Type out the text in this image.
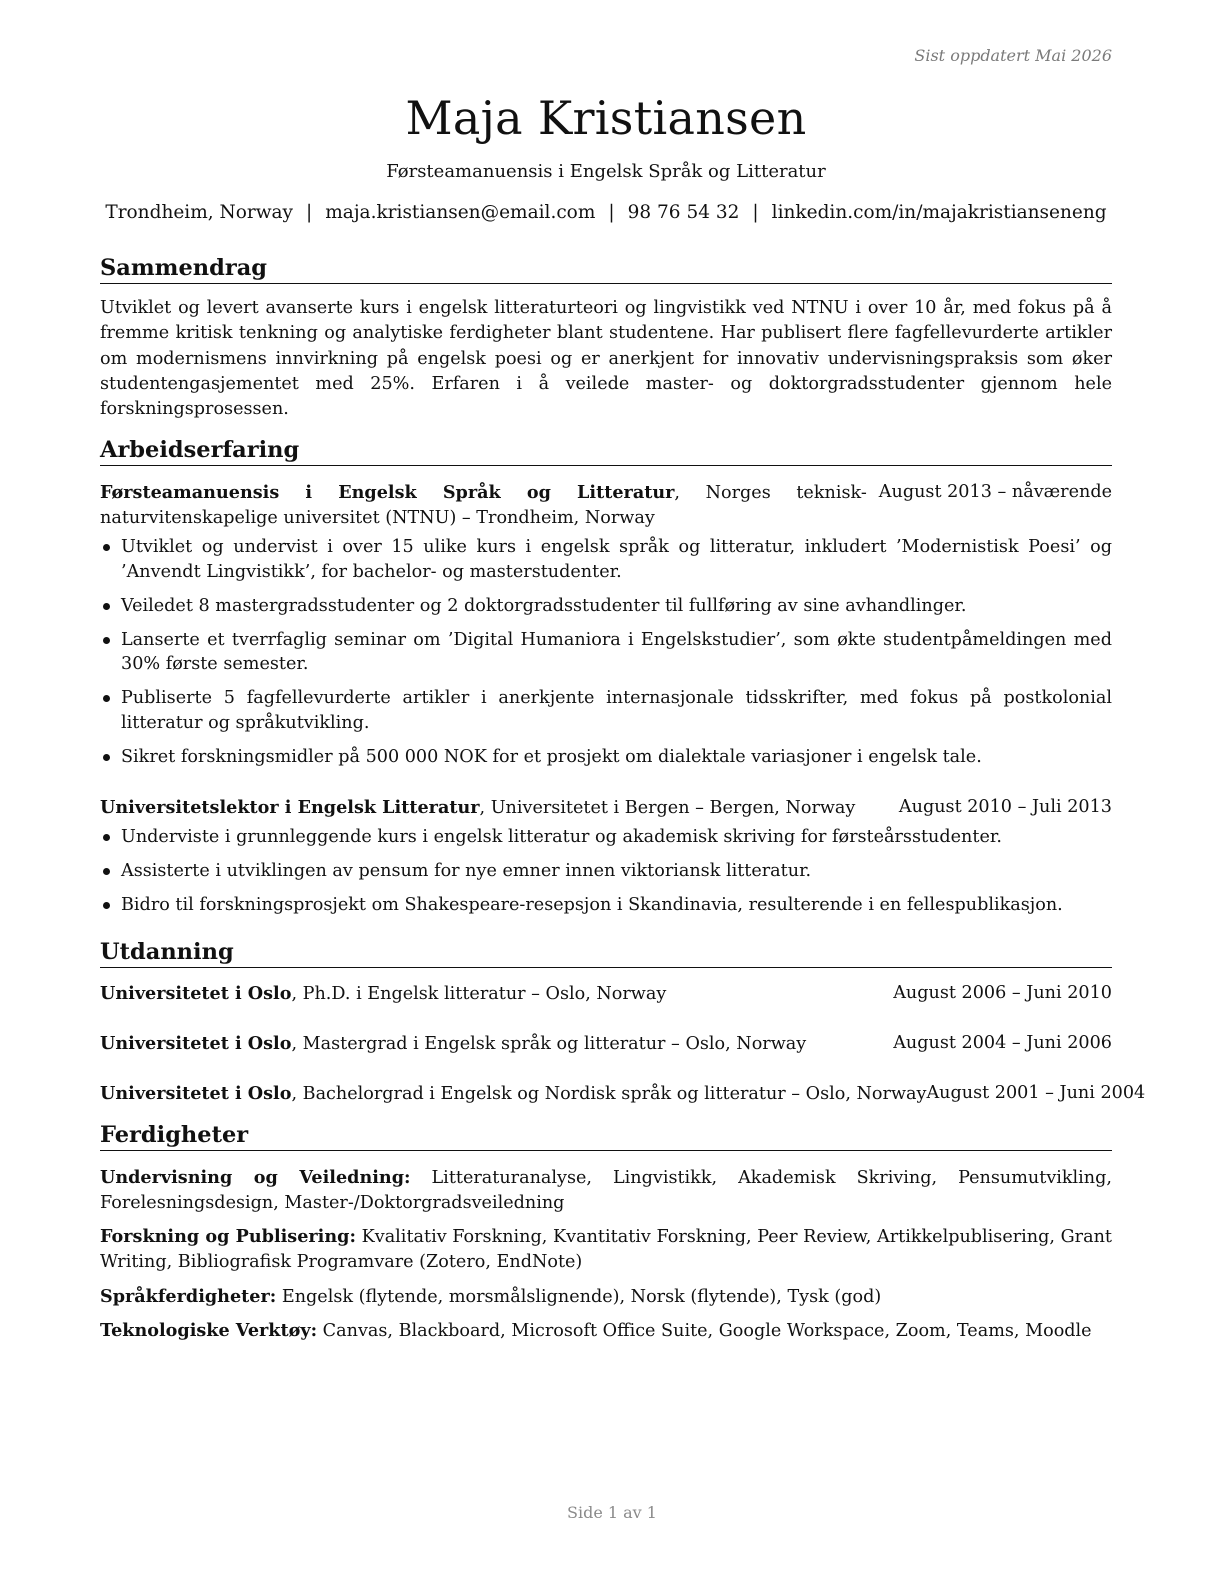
Sist oppdatert Mai 2026
Maja Kristiansen
Førsteamanuensis i Engelsk Språk og Litteratur
Trondheim, Norway | maja.kristiansen@email.com | 98 76 54 32 | linkedin.com/in/majakristianseneng
Sammendrag
Utviklet og levert avanserte kurs i engelsk litteraturteori og lingvistikk ved NTNU i over 10 år, med fokus på å fremme kritisk tenkning og analytiske ferdigheter blant studentene. Har publisert flere fagfellevurderte artikler om modernismens innvirkning på engelsk poesi og er anerkjent for innovativ undervisningspraksis som øker studentengasjementet med 25%. Erfaren i å veilede master- og doktorgradsstudenter gjennom hele forskningsprosessen.
Arbeidserfaring
Førsteamanuensis i Engelsk Språk og Litteratur, Norges teknisk-naturvitenskapelige universitet (NTNU) – Trondheim, Norway
August 2013 – nåværende
Utviklet og undervist i over 15 ulike kurs i engelsk språk og litteratur, inkludert ’Modernistisk Poesi’ og ’Anvendt Lingvistikk’, for bachelor- og masterstudenter.
Veiledet 8 mastergradsstudenter og 2 doktorgradsstudenter til fullføring av sine avhandlinger.
Lanserte et tverrfaglig seminar om ’Digital Humaniora i Engelskstudier’, som økte studentpåmeldingen med 30% første semester.
Publiserte 5 fagfellevurderte artikler i anerkjente internasjonale tidsskrifter, med fokus på postkolonial litteratur og språkutvikling.
Sikret forskningsmidler på 500 000 NOK for et prosjekt om dialektale variasjoner i engelsk tale.
Universitetslektor i Engelsk Litteratur, Universitetet i Bergen – Bergen, Norway	August 2010 – Juli 2013
Underviste i grunnleggende kurs i engelsk litteratur og akademisk skriving for førsteårsstudenter.
Assisterte i utviklingen av pensum for nye emner innen viktoriansk litteratur.
Bidro til forskningsprosjekt om Shakespeare-resepsjon i Skandinavia, resulterende i en fellespublikasjon.
Utdanning
Universitetet i Oslo, Ph.D. i Engelsk litteratur – Oslo, Norway	August 2006 – Juni 2010
Universitetet i Oslo, Mastergrad i Engelsk språk og litteratur – Oslo, Norway	August 2004 – Juni 2006
Universitetet i Oslo, Bachelorgrad i Engelsk og Nordisk språk og litteratur – Oslo, Norway August 2001 – Juni 2004
Ferdigheter
Undervisning og Veiledning: Litteraturanalyse, Lingvistikk, Akademisk Skriving, Pensumutvikling, Forelesningsdesign, Master-/Doktorgradsveiledning
Forskning og Publisering: Kvalitativ Forskning, Kvantitativ Forskning, Peer Review, Artikkelpublisering, Grant Writing, Bibliografisk Programvare (Zotero, EndNote)
Språkferdigheter: Engelsk (flytende, morsmålslignende), Norsk (flytende), Tysk (god)
Teknologiske Verktøy: Canvas, Blackboard, Microsoft Office Suite, Google Workspace, Zoom, Teams, Moodle
Side 1 av 1
